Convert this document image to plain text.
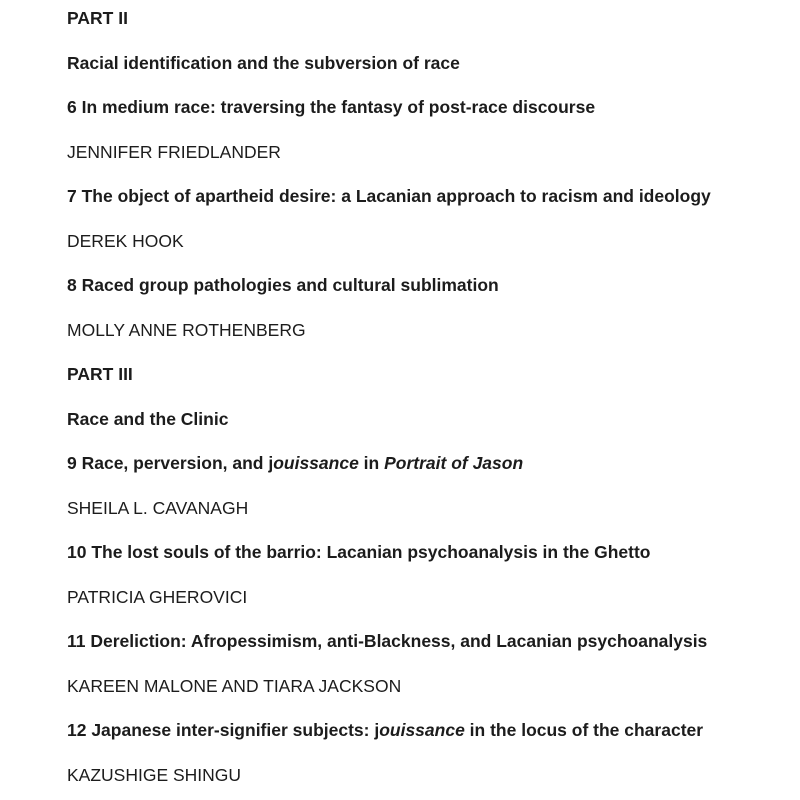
PART II
Racial identification and the subversion of race
6 In medium race: traversing the fantasy of post-race discourse
JENNIFER FRIEDLANDER
7 The object of apartheid desire: a Lacanian approach to racism and ideology
DEREK HOOK
8 Raced group pathologies and cultural sublimation
MOLLY ANNE ROTHENBERG
PART III
Race and the Clinic
9 Race, perversion, and jouissance in Portrait of Jason
SHEILA L. CAVANAGH
10 The lost souls of the barrio: Lacanian psychoanalysis in the Ghetto
PATRICIA GHEROVICI
11 Dereliction: Afropessimism, anti-Blackness, and Lacanian psychoanalysis
KAREEN MALONE AND TIARA JACKSON
12 Japanese inter-signifier subjects: jouissance in the locus of the character
KAZUSHIGE SHINGU
